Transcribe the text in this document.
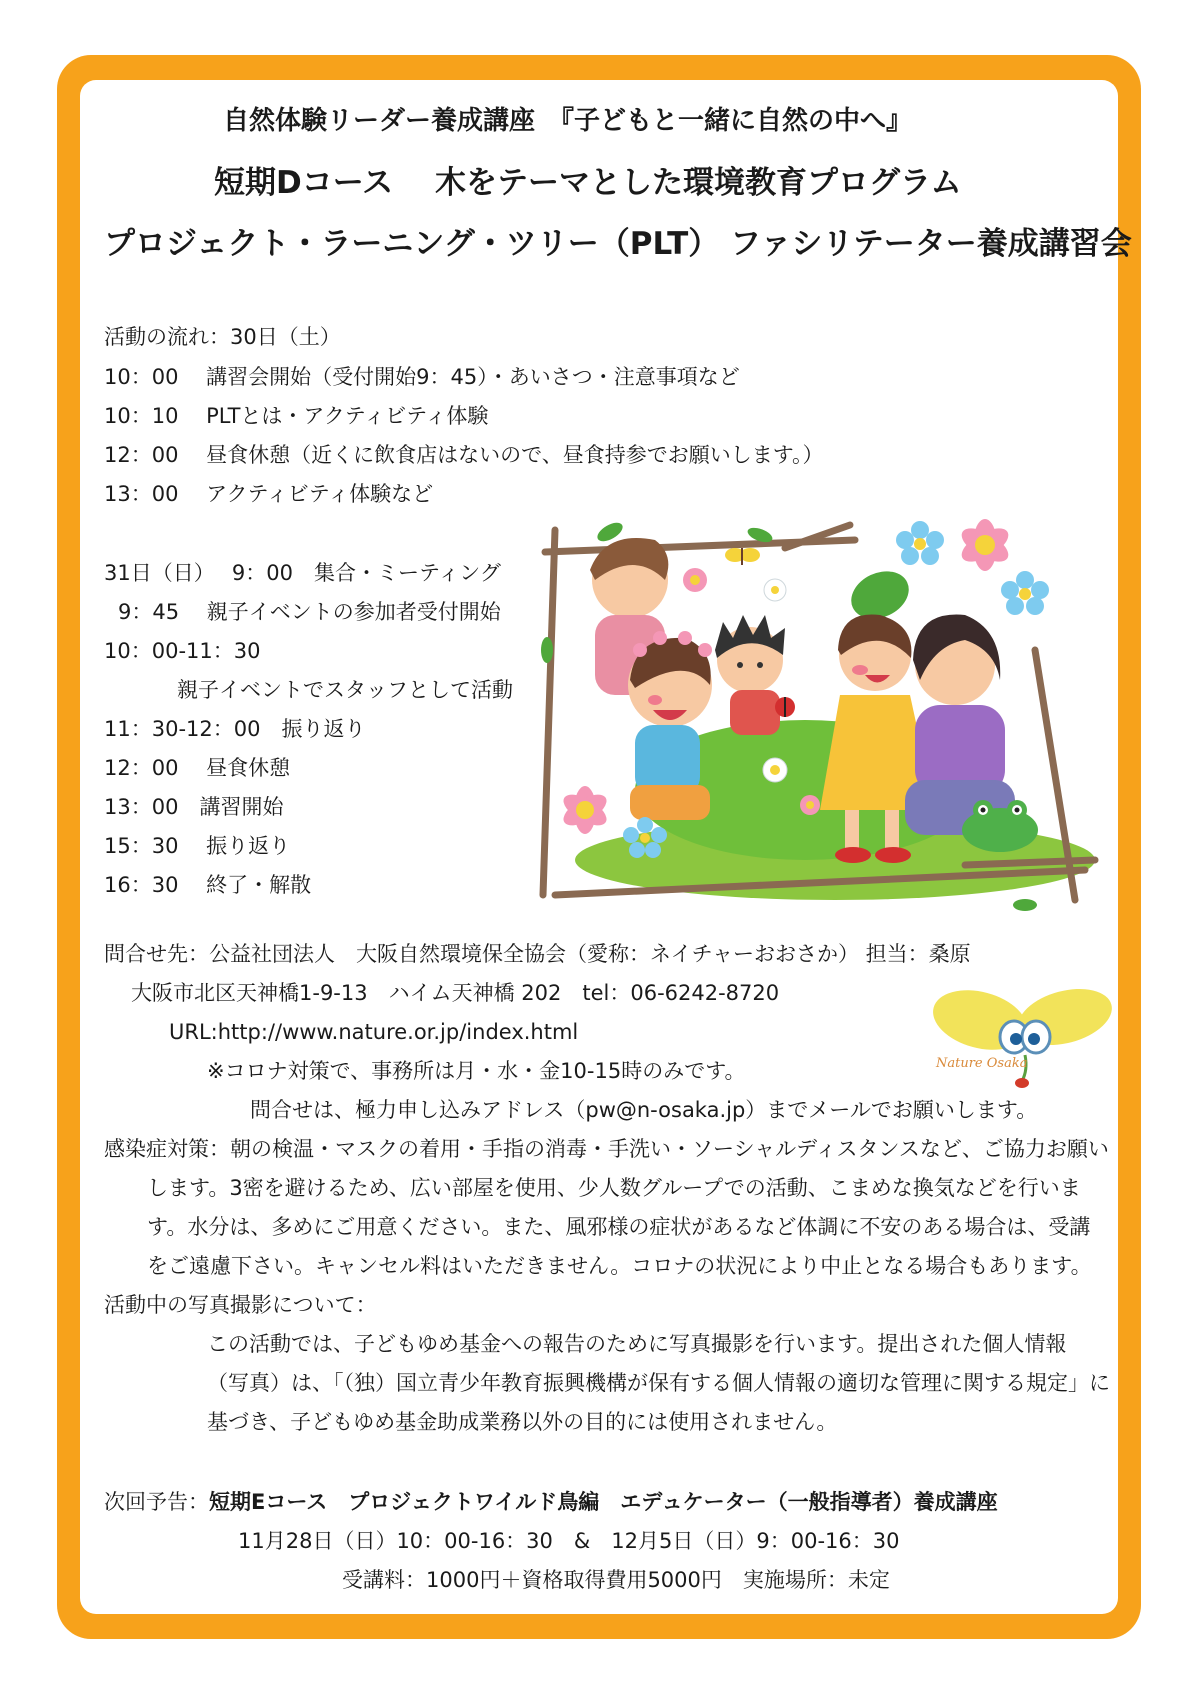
自然体験リーダー養成講座　『子どもと一緒に自然の中へ』
短期Dコース　 木をテーマとした環境教育プログラム
プロジェクト・ラーニング・ツリー（PLT） ファシリテーター養成講習会
活動の流れ：30日（土）
10：00　 講習会開始（受付開始9：45）・あいさつ・注意事項など
10：10　 PLTとは・アクティビティ体験
12：00　 昼食休憩（近くに飲食店はないので、昼食持参でお願いします。）
13：00　 アクティビティ体験など
31日（日）　 9：00　集合・ミーティング
9：45　 親子イベントの参加者受付開始
10：00-11：30
親子イベントでスタッフとして活動
11：30-12：00　振り返り
12：00　 昼食休憩
13：00　講習開始
15：30　 振り返り
16：30　 終了・解散
問合せ先：公益社団法人　大阪自然環境保全協会（愛称：ネイチャーおおさか） 担当：桑原
大阪市北区天神橋1-9-13　ハイム天神橋 202　tel：06-6242-8720
URL:http://www.nature.or.jp/index.html
※コロナ対策で、事務所は月・水・金10-15時のみです。
問合せは、極力申し込みアドレス（pw@n-osaka.jp）までメールでお願いします。
Nature Osaka
感染症対策：朝の検温・マスクの着用・手指の消毒・手洗い・ソーシャルディスタンスなど、ご協力お願い
します。3密を避けるため、広い部屋を使用、少人数グループでの活動、こまめな換気などを行いま
す。水分は、多めにご用意ください。また、風邪様の症状があるなど体調に不安のある場合は、受講
をご遠慮下さい。キャンセル料はいただきません。コロナの状況により中止となる場合もあります。
活動中の写真撮影について：
この活動では、子どもゆめ基金への報告のために写真撮影を行います。提出された個人情報
（写真）は、「（独）国立青少年教育振興機構が保有する個人情報の適切な管理に関する規定」に
基づき、子どもゆめ基金助成業務以外の目的には使用されません。
次回予告：短期Eコース　プロジェクトワイルド鳥編　エデュケーター（一般指導者）養成講座
11月28日（日）10：00-16：30　&　12月5日（日）9：00-16：30
受講料：1000円＋資格取得費用5000円　実施場所：未定
